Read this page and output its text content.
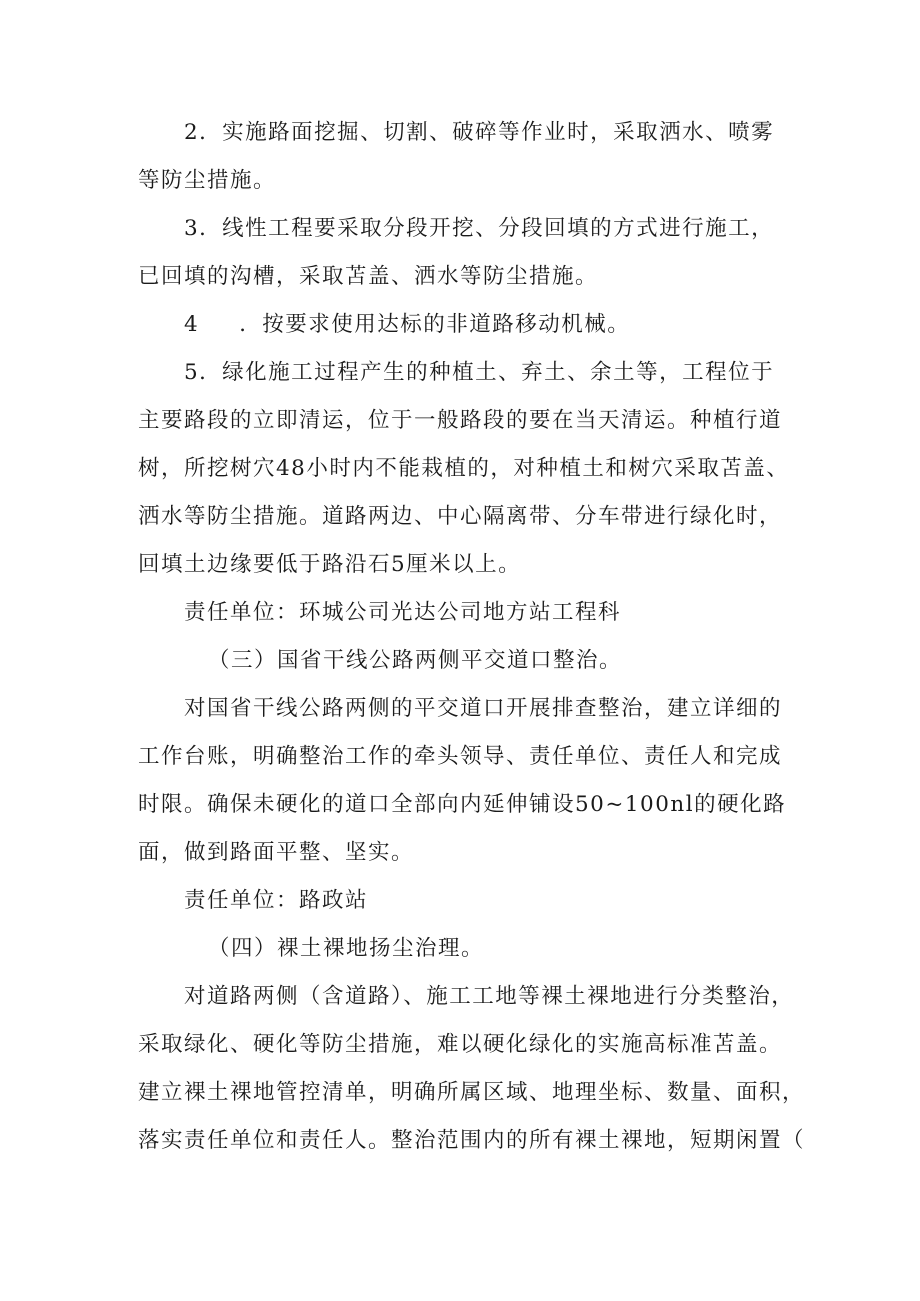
2．实施路面挖掘、切割、破碎等作业时，采取洒水、喷雾
等防尘措施。

3．线性工程要采取分段开挖、分段回填的方式进行施工，
已回填的沟槽，采取苫盖、洒水等防尘措施。

4 ．按要求使用达标的非道路移动机械。

5．绿化施工过程产生的种植土、弃土、余土等，工程位于
主要路段的立即清运，位于一般路段的要在当天清运。种植行道
树，所挖树穴48小时内不能栽植的，对种植土和树穴采取苫盖、
洒水等防尘措施。道路两边、中心隔离带、分车带进行绿化时，
回填土边缘要低于路沿石5厘米以上。

责任单位：环城公司光达公司地方站工程科

（三）国省干线公路两侧平交道口整治。

对国省干线公路两侧的平交道口开展排查整治，建立详细的
工作台账，明确整治工作的牵头领导、责任单位、责任人和完成
时限。确保未硬化的道口全部向内延伸铺设50~100nl的硬化路
面，做到路面平整、坚实。

责任单位：路政站

（四）裸土裸地扬尘治理。

对道路两侧（含道路）、施工工地等裸土裸地进行分类整治，
采取绿化、硬化等防尘措施，难以硬化绿化的实施高标准苫盖。
建立裸土裸地管控清单，明确所属区域、地理坐标、数量、面积，
落实责任单位和责任人。整治范围内的所有裸土裸地，短期闲置（
